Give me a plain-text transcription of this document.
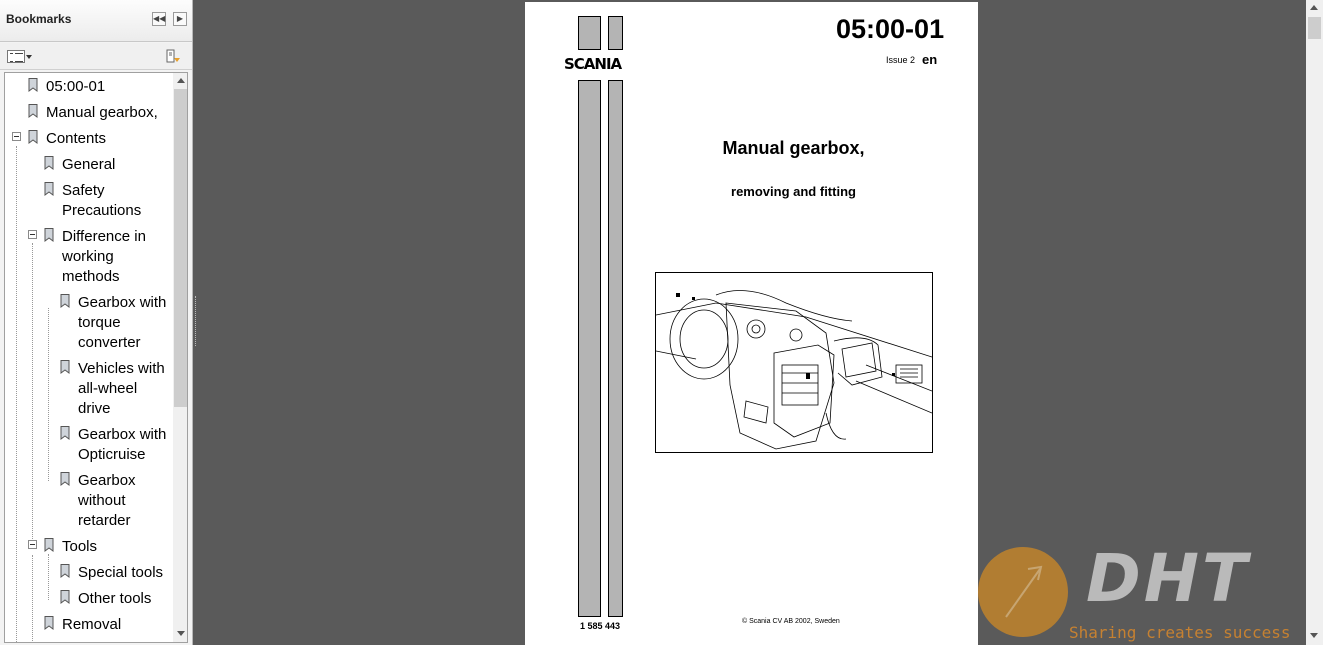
Bookmarks	◀◀	▶
05:00-01
Manual gearbox,
Contents
General
Safety
Precautions
Difference in
working
methods
Gearbox with
torque
converter
Vehicles with
all-wheel
drive
Gearbox with
Opticruise
Gearbox
without
retarder
Tools
Special tools
Other tools
Removal
SCANIA
05:00-01
Issue 2 en
Manual gearbox,
removing and fitting
1 585 443	© Scania CV AB 2002, Sweden
DHT
Sharing creates success
